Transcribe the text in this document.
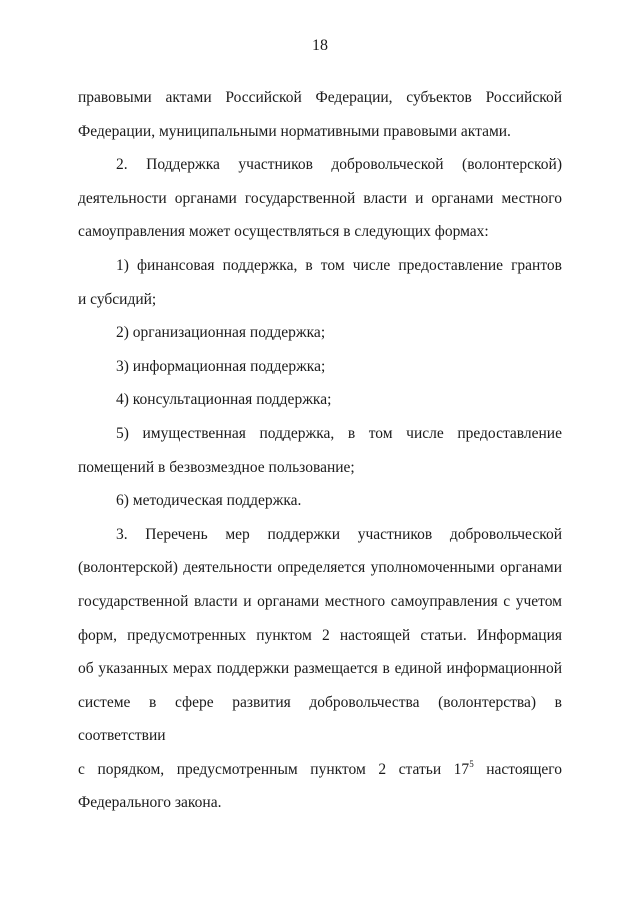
18
правовыми актами Российской Федерации, субъектов Российской
Федерации, муниципальными нормативными правовыми актами.
2. Поддержка участников добровольческой (волонтерской)
деятельности органами государственной власти и органами местного
самоуправления может осуществляться в следующих формах:
1) финансовая поддержка, в том числе предоставление грантов
и субсидий;
2) организационная поддержка;
3) информационная поддержка;
4) консультационная поддержка;
5) имущественная поддержка, в том числе предоставление
помещений в безвозмездное пользование;
6) методическая поддержка.
3. Перечень мер поддержки участников добровольческой
(волонтерской) деятельности определяется уполномоченными органами
государственной власти и органами местного самоуправления с учетом
форм, предусмотренных пунктом 2 настоящей статьи. Информация
об указанных мерах поддержки размещается в единой информационной
системе в сфере развития добровольчества (волонтерства) в соответствии
с порядком, предусмотренным пунктом 2 статьи $17^5$ настоящего
Федерального закона.
